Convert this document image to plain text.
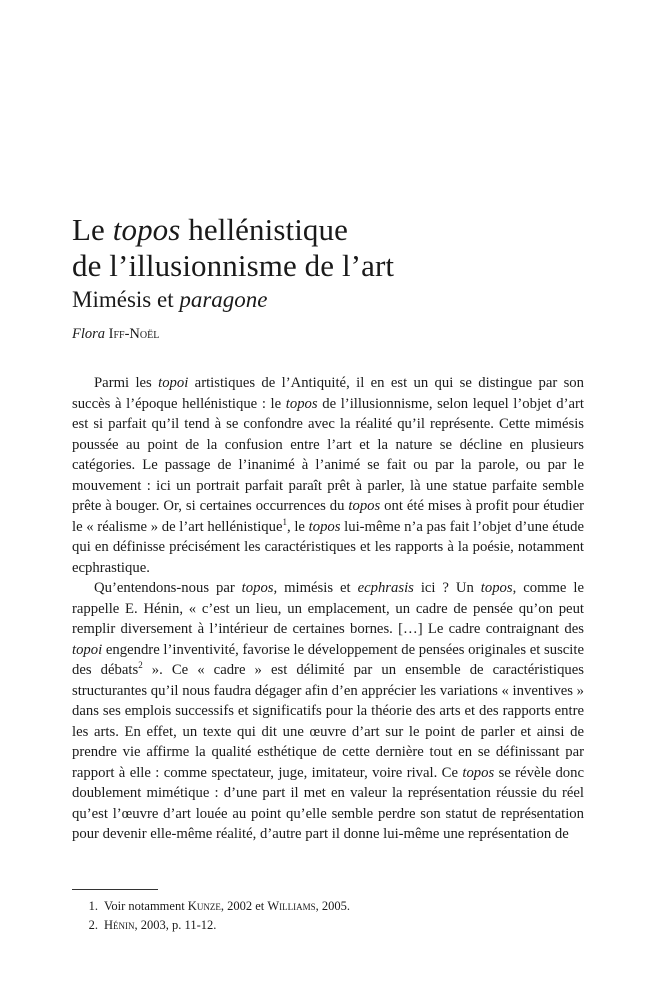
Le topos hellénistique
de l’illusionnisme de l’art
Mimésis et paragone
Flora Iff-Noël

Parmi les topoi artistiques de l’Antiquité, il en est un qui se distingue par son succès à l’époque hellénistique : le topos de l’illusionnisme, selon lequel l’objet d’art est si parfait qu’il tend à se confondre avec la réalité qu’il représente. Cette mimésis poussée au point de la confusion entre l’art et la nature se décline en plusieurs catégories. Le passage de l’inanimé à l’animé se fait ou par la parole, ou par le mouvement : ici un portrait parfait paraît prêt à parler, là une statue parfaite semble prête à bouger. Or, si certaines occurrences du topos ont été mises à profit pour étudier le « réalisme » de l’art hellénistique$^1$, le topos lui-même n’a pas fait l’objet d’une étude qui en définisse précisément les caractéristiques et les rapports à la poésie, notamment ecphrastique.

Qu’entendons-nous par topos, mimésis et ecphrasis ici ? Un topos, comme le rappelle E. Hénin, « c’est un lieu, un emplacement, un cadre de pensée qu’on peut remplir diversement à l’intérieur de certaines bornes. […] Le cadre contraignant des topoi engendre l’inventivité, favorise le développement de pensées originales et suscite des débats$^2$ ». Ce « cadre » est délimité par un ensemble de caractéristiques structurantes qu’il nous faudra dégager afin d’en apprécier les variations « inventives » dans ses emplois successifs et significatifs pour la théorie des arts et des rapports entre les arts. En effet, un texte qui dit une œuvre d’art sur le point de parler et ainsi de prendre vie affirme la qualité esthétique de cette dernière tout en se définissant par rapport à elle : comme spectateur, juge, imitateur, voire rival. Ce topos se révèle donc doublement mimétique : d’une part il met en valeur la représentation réussie du réel qu’est l’œuvre d’art louée au point qu’elle semble perdre son statut de représentation pour devenir elle-même réalité, d’autre part il donne lui-même une représentation de

1. Voir notamment Kunze, 2002 et Williams, 2005.
2. Hénin, 2003, p. 11-12.
